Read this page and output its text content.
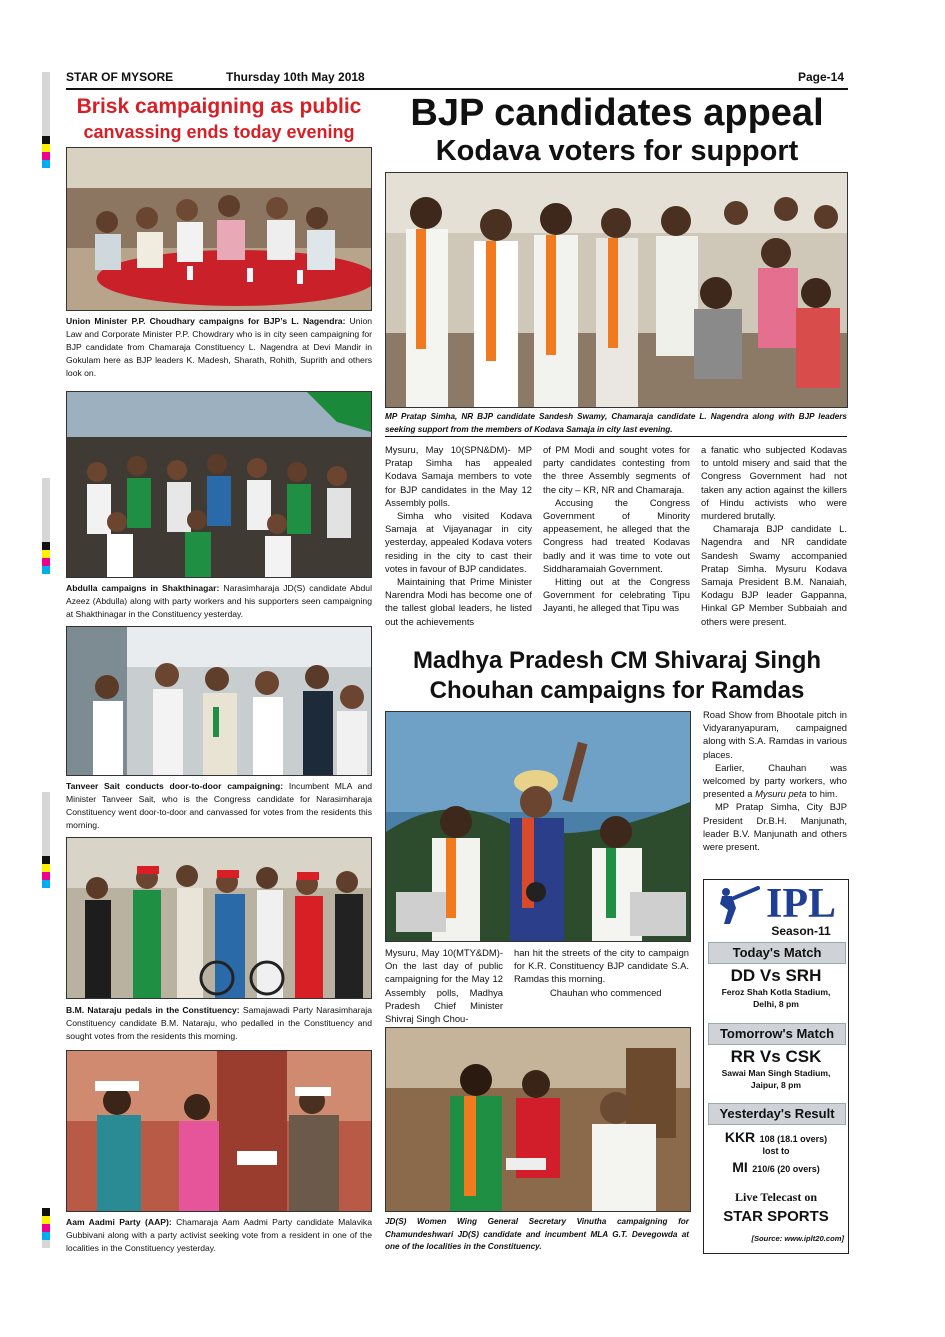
STAR OF MYSORE	Thursday 10th May 2018	Page-14
Brisk campaigning as public
canvassing ends today evening
Union Minister P.P. Choudhary campaigns for BJP’s L. Nagendra: Union Law and Corporate Minister P.P. Chowdrary who is in city seen campaigning for BJP candidate from Chamaraja Constituency L. Nagendra at Devi Mandir in Gokulam here as BJP leaders K. Madesh, Sharath, Rohith, Suprith and others look on.
Abdulla campaigns in Shakthinagar: Narasimharaja JD(S) candidate Abdul Azeez (Abdulla) along with party workers and his supporters seen campaigning at Shakthinagar in the Constituency yesterday.
Tanveer Sait conducts door-to-door campaigning: Incumbent MLA and Minister Tanveer Sait, who is the Congress candidate for Narasimharaja Constituency went door-to-door and canvassed for votes from the residents this morning.
B.M. Nataraju pedals in the Constituency: Samajawadi Party Narasimharaja Constituency candidate B.M. Nataraju, who pedalled in the Constituency and sought votes from the residents this morning.
Aam Aadmi Party (AAP): Chamaraja Aam Aadmi Party candidate Malavika Gubbivani along with a party activist seeking vote from a resident in one of the localities in the Constituency yesterday.
BJP candidates appeal
Kodava voters for support
MP Pratap Simha, NR BJP candidate Sandesh Swamy, Chamaraja candidate L. Nagendra along with BJP leaders seeking support from the members of Kodava Samaja in city last evening.

Mysuru, May 10(SPN&DM)- MP Pratap Simha has appealed Kodava Samaja members to vote for BJP candidates in the May 12 Assembly polls.

Simha who visited Kodava Samaja at Vijayanagar in city yesterday, appealed Kodava voters residing in the city to cast their votes in favour of BJP candidates.

Maintaining that Prime Minister Narendra Modi has become one of the tallest global leaders, he listed out the achievements

of PM Modi and sought votes for party candidates contesting from the three Assembly segments of the city – KR, NR and Chamaraja.

Accusing the Congress Government of Minority appeasement, he alleged that the Congress had treated Kodavas badly and it was time to vote out Siddharamaiah Government.

Hitting out at the Congress Government for celebrating Tipu Jayanti, he alleged that Tipu was

a fanatic who subjected Kodavas to untold misery and said that the Congress Government had not taken any action against the killers of Hindu activists who were murdered brutally.

Chamaraja BJP candidate L. Nagendra and NR candidate Sandesh Swamy accompanied Pratap Simha. Mysuru Kodava Samaja President B.M. Nanaiah, Kodagu BJP leader Gappanna, Hinkal GP Member Subbaiah and others were present.

Madhya Pradesh CM Shivaraj Singh
Chouhan campaigns for Ramdas

Mysuru, May 10(MTY&DM)- On the last day of public campaigning for the May 12 Assembly polls, Madhya Pradesh Chief Minister Shivraj Singh Chou-

han hit the streets of the city to campaign for K.R. Constituency BJP candidate S.A. Ramdas this morning.

Chauhan who commenced

Road Show from Bhootale pitch in Vidyaranyapuram, campaigned along with S.A. Ramdas in various places.

Earlier, Chauhan was welcomed by party workers, who presented a Mysuru peta to him.

MP Pratap Simha, City BJP President Dr.B.H. Manjunath, leader B.V. Manjunath and others were present.

JD(S) Women Wing General Secretary Vinutha campaigning for Chamundeshwari JD(S) candidate and incumbent MLA G.T. Devegowda at one of the localities in the Constituency.
IPL
Season-11
Today's Match
DD Vs SRH
Feroz Shah Kotla Stadium,
Delhi, 8 pm
Tomorrow's Match
RR Vs CSK
Sawai Man Singh Stadium,
Jaipur, 8 pm
Yesterday's Result
KKR 108 (18.1 overs)
lost to
MI 210/6 (20 overs)
Live Telecast on
STAR SPORTS
[Source: www.iplt20.com]
